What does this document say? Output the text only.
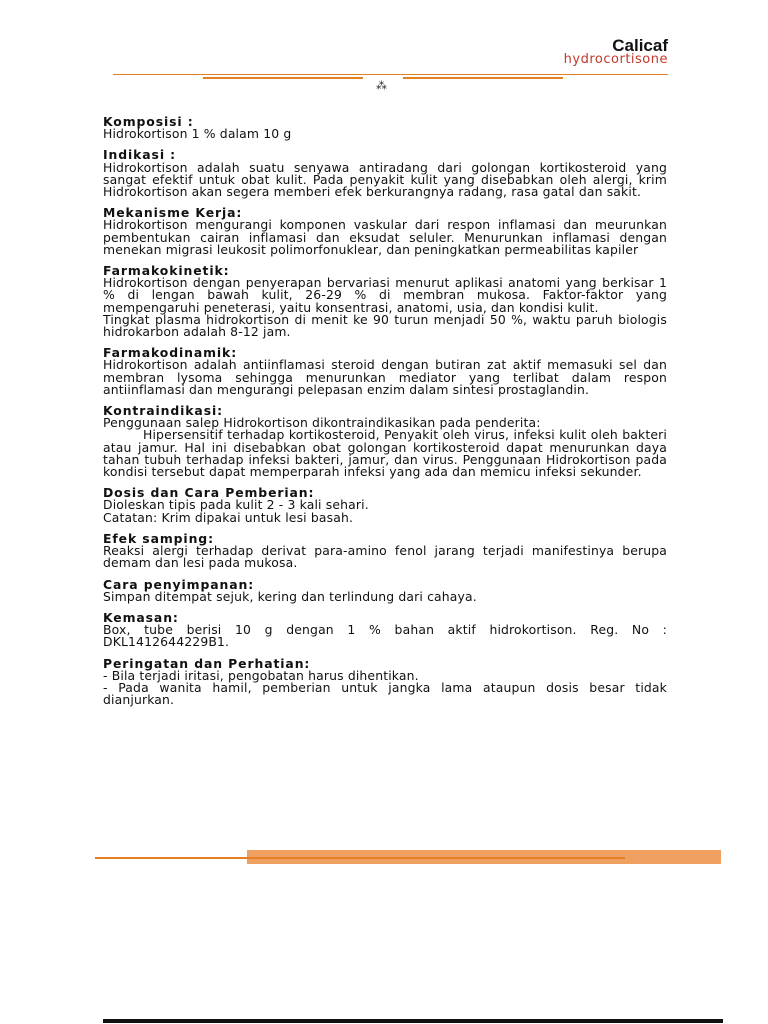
Calicaf
hydrocortisone
⁂
Komposisi :

Hidrokortison 1 % dalam 10 g

Indikasi :

Hidrokortison adalah suatu senyawa antiradang dari golongan kortikosteroid yang sangat efektif untuk obat kulit. Pada penyakit kulit yang disebabkan oleh alergi, krim Hidrokortison akan segera memberi efek berkurangnya radang, rasa gatal dan sakit.

Mekanisme Kerja:

Hidrokortison mengurangi komponen vaskular dari respon inflamasi dan meurunkan pembentukan cairan inflamasi dan eksudat seluler. Menurunkan inflamasi dengan menekan migrasi leukosit polimorfonuklear, dan peningkatkan permeabilitas kapiler

Farmakokinetik:

Hidrokortison dengan penyerapan bervariasi menurut aplikasi anatomi yang berkisar 1 % di lengan bawah kulit, 26-29 % di membran mukosa. Faktor-faktor yang mempengaruhi peneterasi, yaitu konsentrasi, anatomi, usia, dan kondisi kulit.

Tingkat plasma hidrokortison di menit ke 90 turun menjadi 50 %, waktu paruh biologis hidrokarbon adalah 8-12 jam.

Farmakodinamik:

Hidrokortison adalah antiinflamasi steroid dengan butiran zat aktif memasuki sel dan membran lysoma sehingga menurunkan mediator yang terlibat dalam respon antiinflamasi dan mengurangi pelepasan enzim dalam sintesi prostaglandin.

Kontraindikasi:

Penggunaan salep Hidrokortison dikontraindikasikan pada penderita:

Hipersensitif terhadap kortikosteroid, Penyakit oleh virus, infeksi kulit oleh bakteri atau jamur. Hal ini disebabkan obat golongan kortikosteroid dapat menurunkan daya tahan tubuh terhadap infeksi bakteri, jamur, dan virus. Penggunaan Hidrokortison pada kondisi tersebut dapat memperparah infeksi yang ada dan memicu infeksi sekunder.

Dosis dan Cara Pemberian:

Dioleskan tipis pada kulit 2 - 3 kali sehari.

Catatan: Krim dipakai untuk lesi basah.

Efek samping:

Reaksi alergi terhadap derivat para-amino fenol jarang terjadi manifestinya berupa demam dan lesi pada mukosa.

Cara penyimpanan:

Simpan ditempat sejuk, kering dan terlindung dari cahaya.

Kemasan:

Box, tube berisi 10 g dengan 1 % bahan aktif hidrokortison. Reg. No : DKL1412644229B1.

Peringatan dan Perhatian:

- Bila terjadi iritasi, pengobatan harus dihentikan.

- Pada wanita hamil, pemberian untuk jangka lama ataupun dosis besar tidak dianjurkan.
